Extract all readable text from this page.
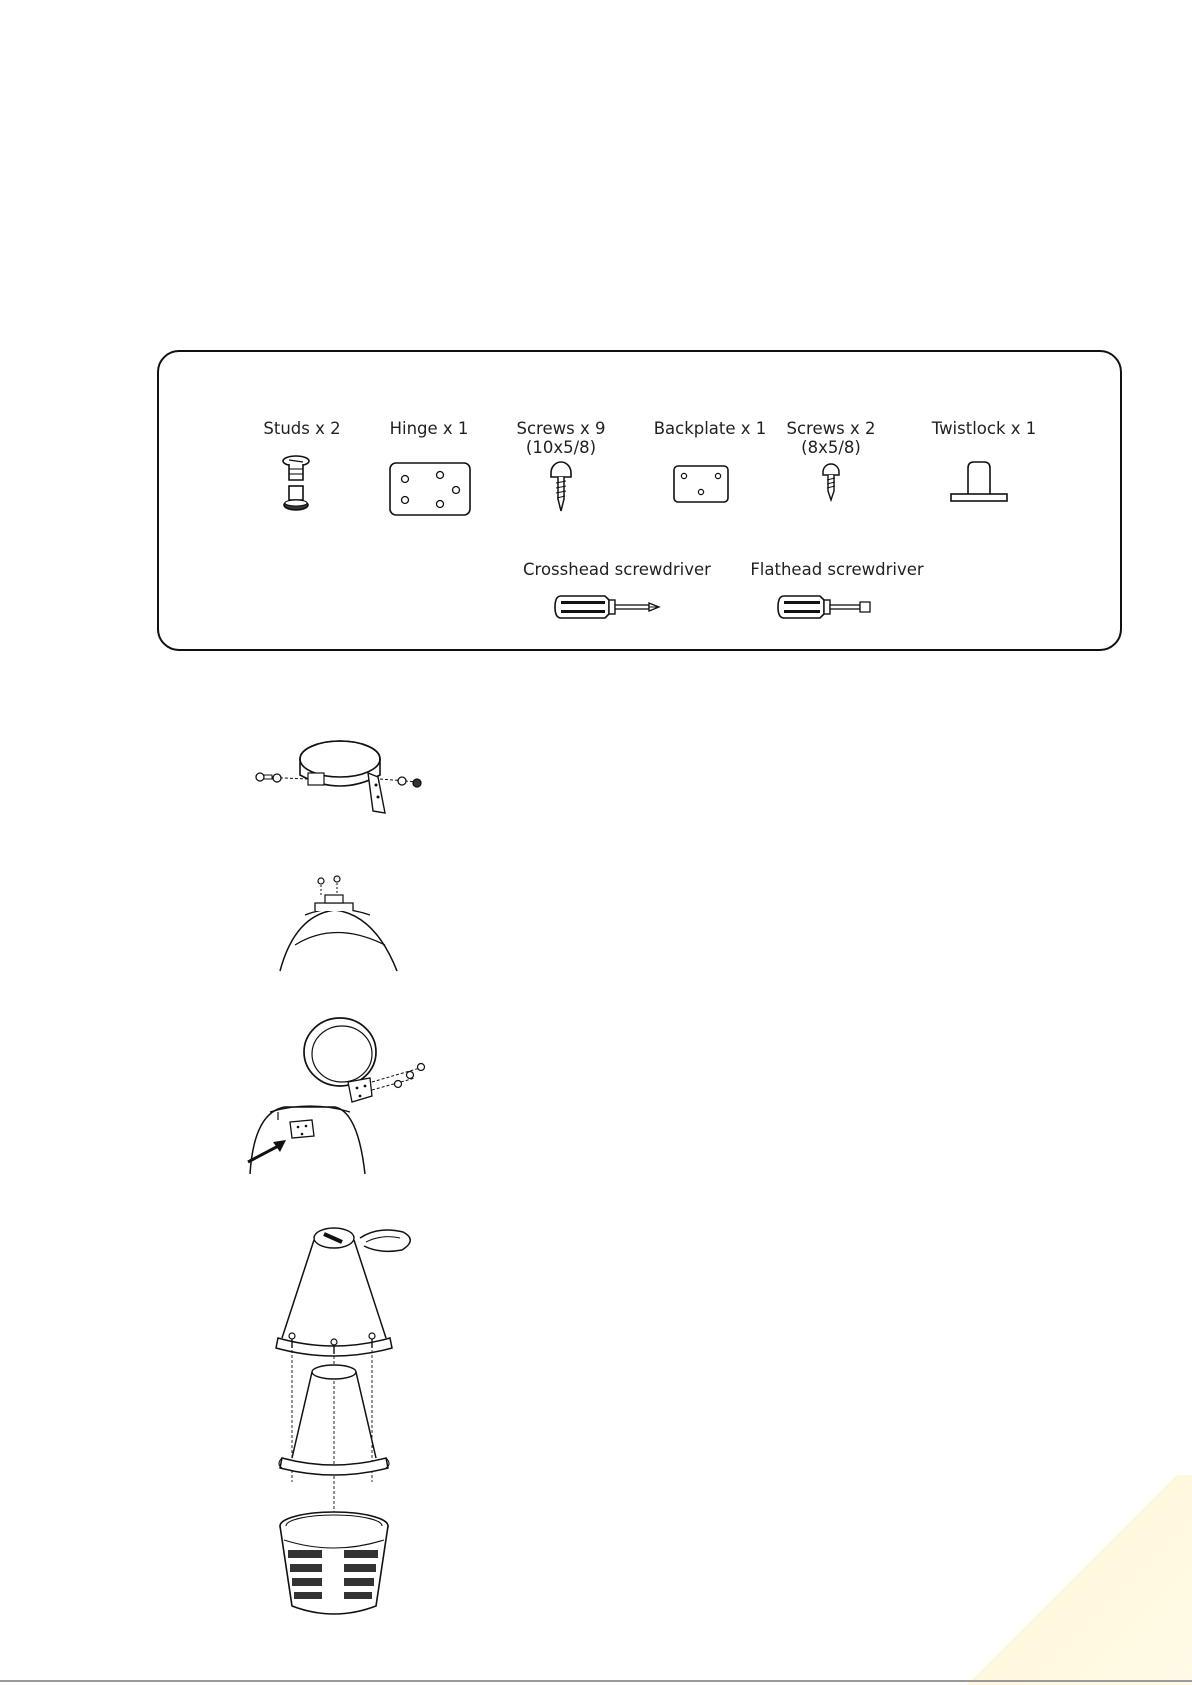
Studs x 2	Hinge x 1	Screws x 9
(10x5/8)
Backplate x 1	Screws x 2
(8x5/8)
Twistlock x 1
Crosshead screwdriver	Flathead screwdriver
